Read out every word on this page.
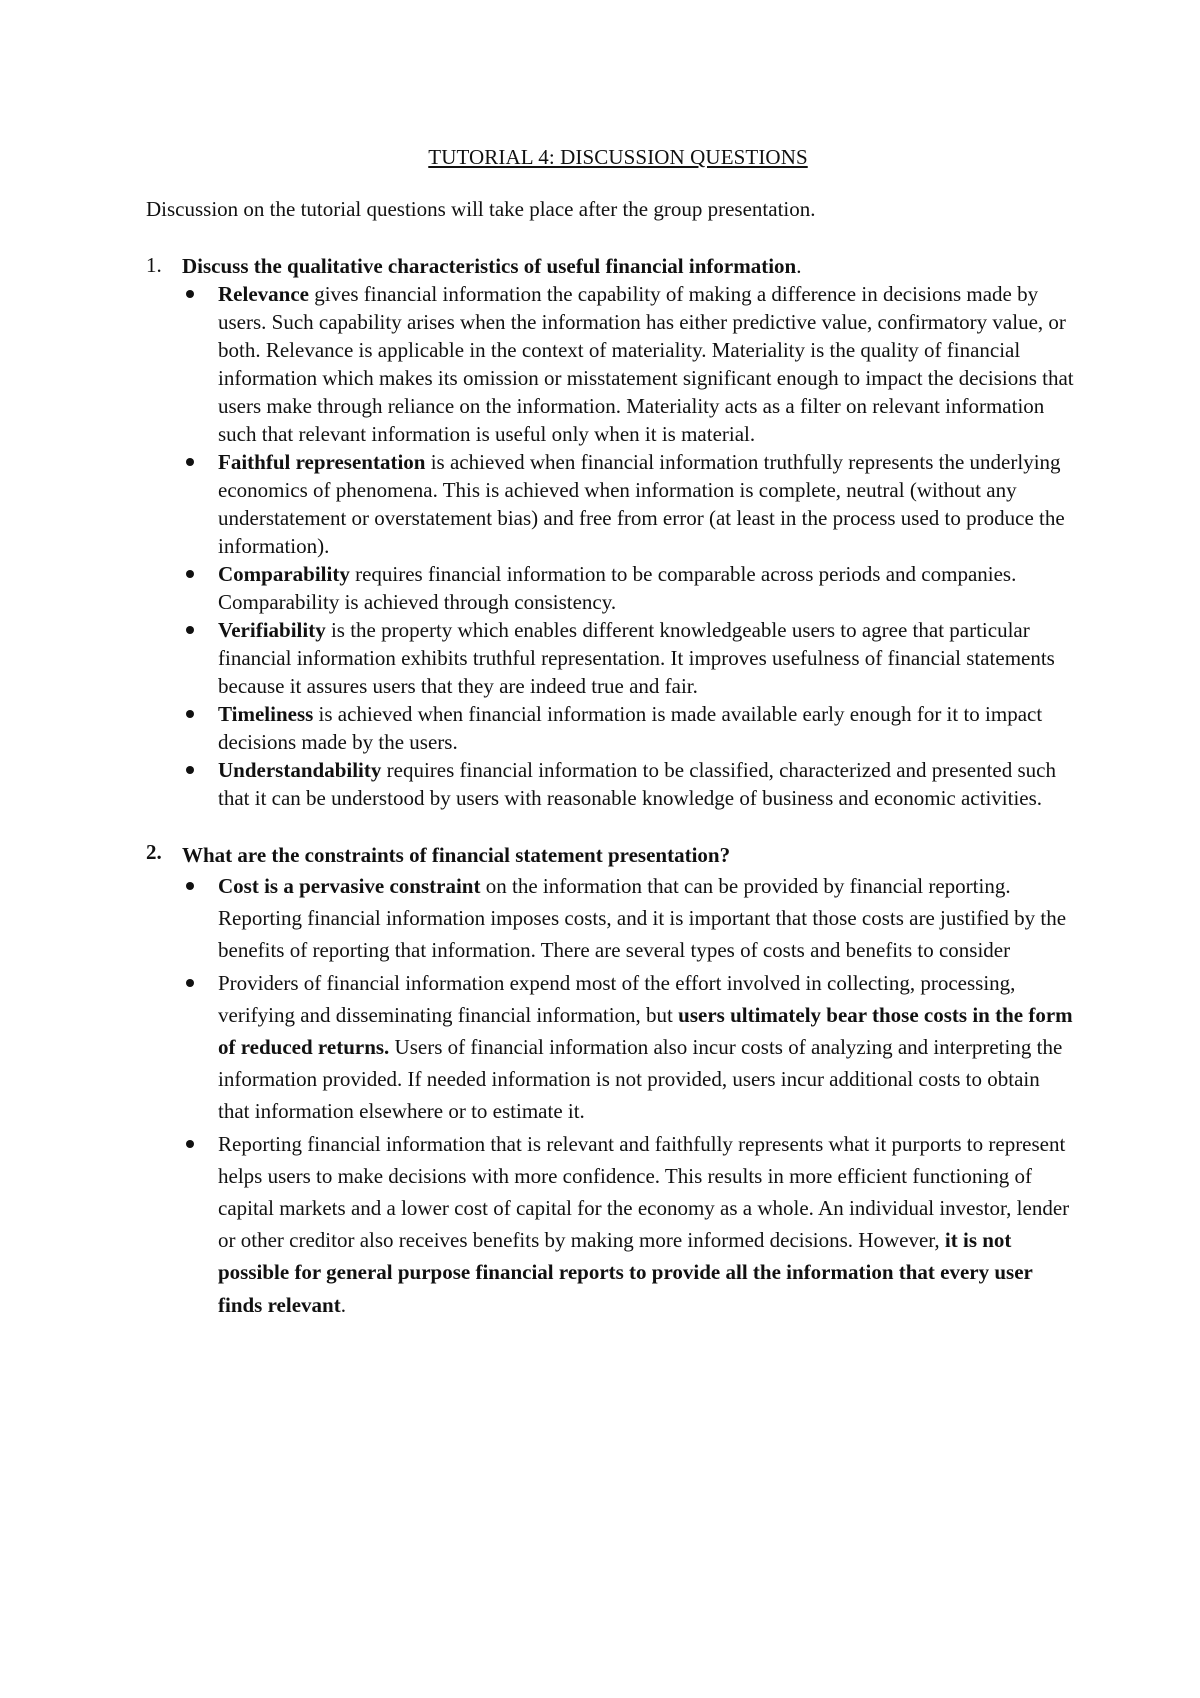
TUTORIAL 4: DISCUSSION QUESTIONS
Discussion on the tutorial questions will take place after the group presentation.
1. Discuss the qualitative characteristics of useful financial information.
Relevance gives financial information the capability of making a difference in decisions made by users. Such capability arises when the information has either predictive value, confirmatory value, or both. Relevance is applicable in the context of materiality. Materiality is the quality of financial information which makes its omission or misstatement significant enough to impact the decisions that users make through reliance on the information. Materiality acts as a filter on relevant information such that relevant information is useful only when it is material.
Faithful representation is achieved when financial information truthfully represents the underlying economics of phenomena. This is achieved when information is complete, neutral (without any understatement or overstatement bias) and free from error (at least in the process used to produce the information).
Comparability requires financial information to be comparable across periods and companies. Comparability is achieved through consistency.
Verifiability is the property which enables different knowledgeable users to agree that particular financial information exhibits truthful representation. It improves usefulness of financial statements because it assures users that they are indeed true and fair.
Timeliness is achieved when financial information is made available early enough for it to impact decisions made by the users.
Understandability requires financial information to be classified, characterized and presented such that it can be understood by users with reasonable knowledge of business and economic activities.
2. What are the constraints of financial statement presentation?
Cost is a pervasive constraint on the information that can be provided by financial reporting. Reporting financial information imposes costs, and it is important that those costs are justified by the benefits of reporting that information. There are several types of costs and benefits to consider
Providers of financial information expend most of the effort involved in collecting, processing, verifying and disseminating financial information, but users ultimately bear those costs in the form of reduced returns. Users of financial information also incur costs of analyzing and interpreting the information provided. If needed information is not provided, users incur additional costs to obtain that information elsewhere or to estimate it.
Reporting financial information that is relevant and faithfully represents what it purports to represent helps users to make decisions with more confidence. This results in more efficient functioning of capital markets and a lower cost of capital for the economy as a whole. An individual investor, lender or other creditor also receives benefits by making more informed decisions. However, it is not possible for general purpose financial reports to provide all the information that every user finds relevant.
